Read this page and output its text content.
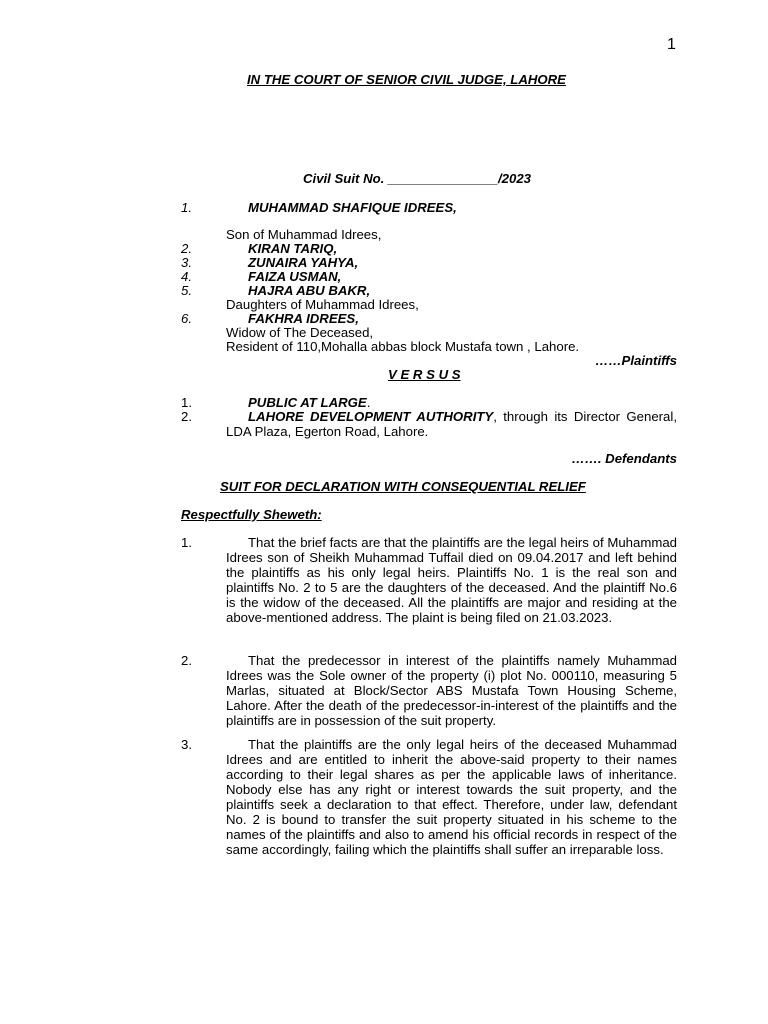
1
IN THE COURT OF SENIOR CIVIL JUDGE, LAHORE
Civil Suit No. _______________/2023
1.	MUHAMMAD SHAFIQUE IDREES,
Son of Muhammad Idrees,
2.	KIRAN TARIQ,
3.	ZUNAIRA YAHYA,
4.	FAIZA USMAN,
5.	HAJRA ABU BAKR,
Daughters of Muhammad Idrees,
6.	FAKHRA IDREES,
Widow of The Deceased,
Resident of 110,Mohalla abbas block Mustafa town , Lahore.
……Plaintiffs
V E R S U S
1.	PUBLIC AT LARGE.
2.	LAHORE DEVELOPMENT AUTHORITY, through its Director General, LDA Plaza, Egerton Road, Lahore.
……. Defendants
SUIT FOR DECLARATION WITH CONSEQUENTIAL RELIEF
Respectfully Sheweth:
1.	That the brief facts are that the plaintiffs are the legal heirs of Muhammad Idrees son of Sheikh Muhammad Tuffail died on 09.04.2017 and left behind the plaintiffs as his only legal heirs. Plaintiffs No. 1 is the real son and plaintiffs No. 2 to 5 are the daughters of the deceased. And the plaintiff No.6 is the widow of the deceased. All the plaintiffs are major and residing at the above-mentioned address. The plaint is being filed on 21.03.2023.
2.	That the predecessor in interest of the plaintiffs namely Muhammad Idrees was the Sole owner of the property (i) plot No. 000110, measuring 5 Marlas, situated at Block/Sector ABS Mustafa Town Housing Scheme, Lahore. After the death of the predecessor-in-interest of the plaintiffs and the plaintiffs are in possession of the suit property.
3.	That the plaintiffs are the only legal heirs of the deceased Muhammad Idrees and are entitled to inherit the above-said property to their names according to their legal shares as per the applicable laws of inheritance. Nobody else has any right or interest towards the suit property, and the plaintiffs seek a declaration to that effect. Therefore, under law, defendant No. 2 is bound to transfer the suit property situated in his scheme to the names of the plaintiffs and also to amend his official records in respect of the same accordingly, failing which the plaintiffs shall suffer an irreparable loss.
